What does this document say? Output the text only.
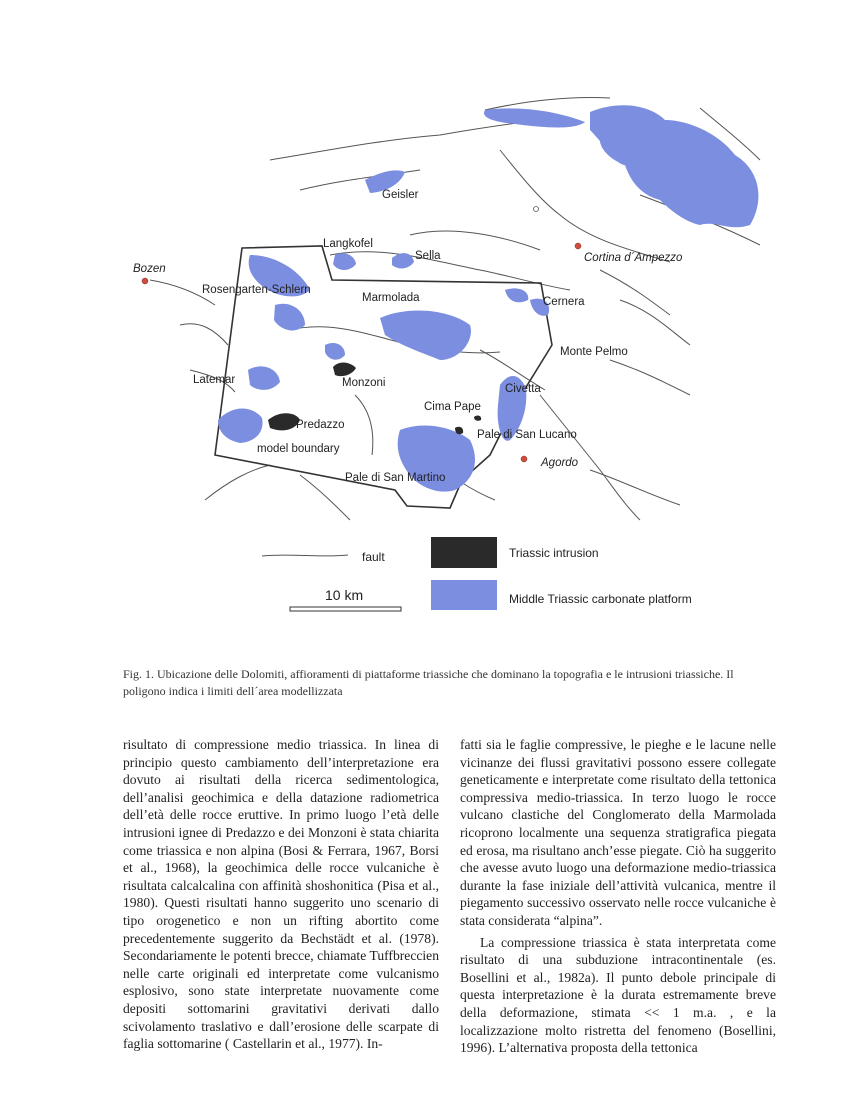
Bozen
Geisler
Langkofel
Sella	Cortina d´Ampezzo
Rosengarten-Schlern
Marmolada	Cernera
Monte Pelmo
Latemar	Monzoni	Civetta
Cima Pape
Predazzo
Pale di San Lucano
model boundary
Agordo
Pale di San Martino
fault	Triassic intrusion
Middle Triassic carbonate platform
10 km
Fig. 1. Ubicazione delle Dolomiti, affioramenti di piattaforme triassiche che dominano la topografia e le intrusioni triassiche. Il poligono indica i limiti dell´area modellizzata

risultato di compressione medio triassica. In linea di principio questo cambiamento dell’interpretazione era dovuto ai risultati della ricerca sedimentologica, dell’analisi geochimica e della datazione radiometrica dell’età delle rocce eruttive. In primo luogo l’età delle intrusioni ignee di Predazzo e dei Monzoni è stata chiarita come triassica e non alpina (Bosi & Ferrara, 1967, Borsi et al., 1968), la geochimica delle rocce vulcaniche è risultata calcalcalina con affinità shoshonitica (Pisa et al., 1980). Questi risultati hanno suggerito uno scenario di tipo orogenetico e non un rifting abortito come precedentemente suggerito da Bechstädt et al. (1978). Secondariamente le potenti brecce, chiamate Tuffbreccien nelle carte originali ed interpretate come vulcanismo esplosivo, sono state interpretate nuovamente come depositi sottomarini gravitativi derivati dallo scivolamento traslativo e dall’erosione delle scarpate di faglia sottomarine ( Castellarin et al., 1977). In-

fatti sia le faglie compressive, le pieghe e le lacune nelle vicinanze dei flussi gravitativi possono essere collegate geneticamente e interpretate come risultato della tettonica compressiva medio-triassica. In terzo luogo le rocce vulcano clastiche del Conglomerato della Marmolada ricoprono localmente una sequenza stratigrafica piegata ed erosa, ma risultano anch’esse piegate. Ciò ha suggerito che avesse avuto luogo una deformazione medio-triassica durante la fase iniziale dell’attività vulcanica, mentre il piegamento successivo osservato nelle rocce vulcaniche è stata considerata “alpina”.

La compressione triassica è stata interpretata come risultato di una subduzione intracontinentale (es. Bosellini et al., 1982a). Il punto debole principale di questa interpretazione è la durata estremamente breve della deformazione, stimata << 1 m.a. , e la localizzazione molto ristretta del fenomeno (Bosellini, 1996). L’alternativa proposta della tettonica
